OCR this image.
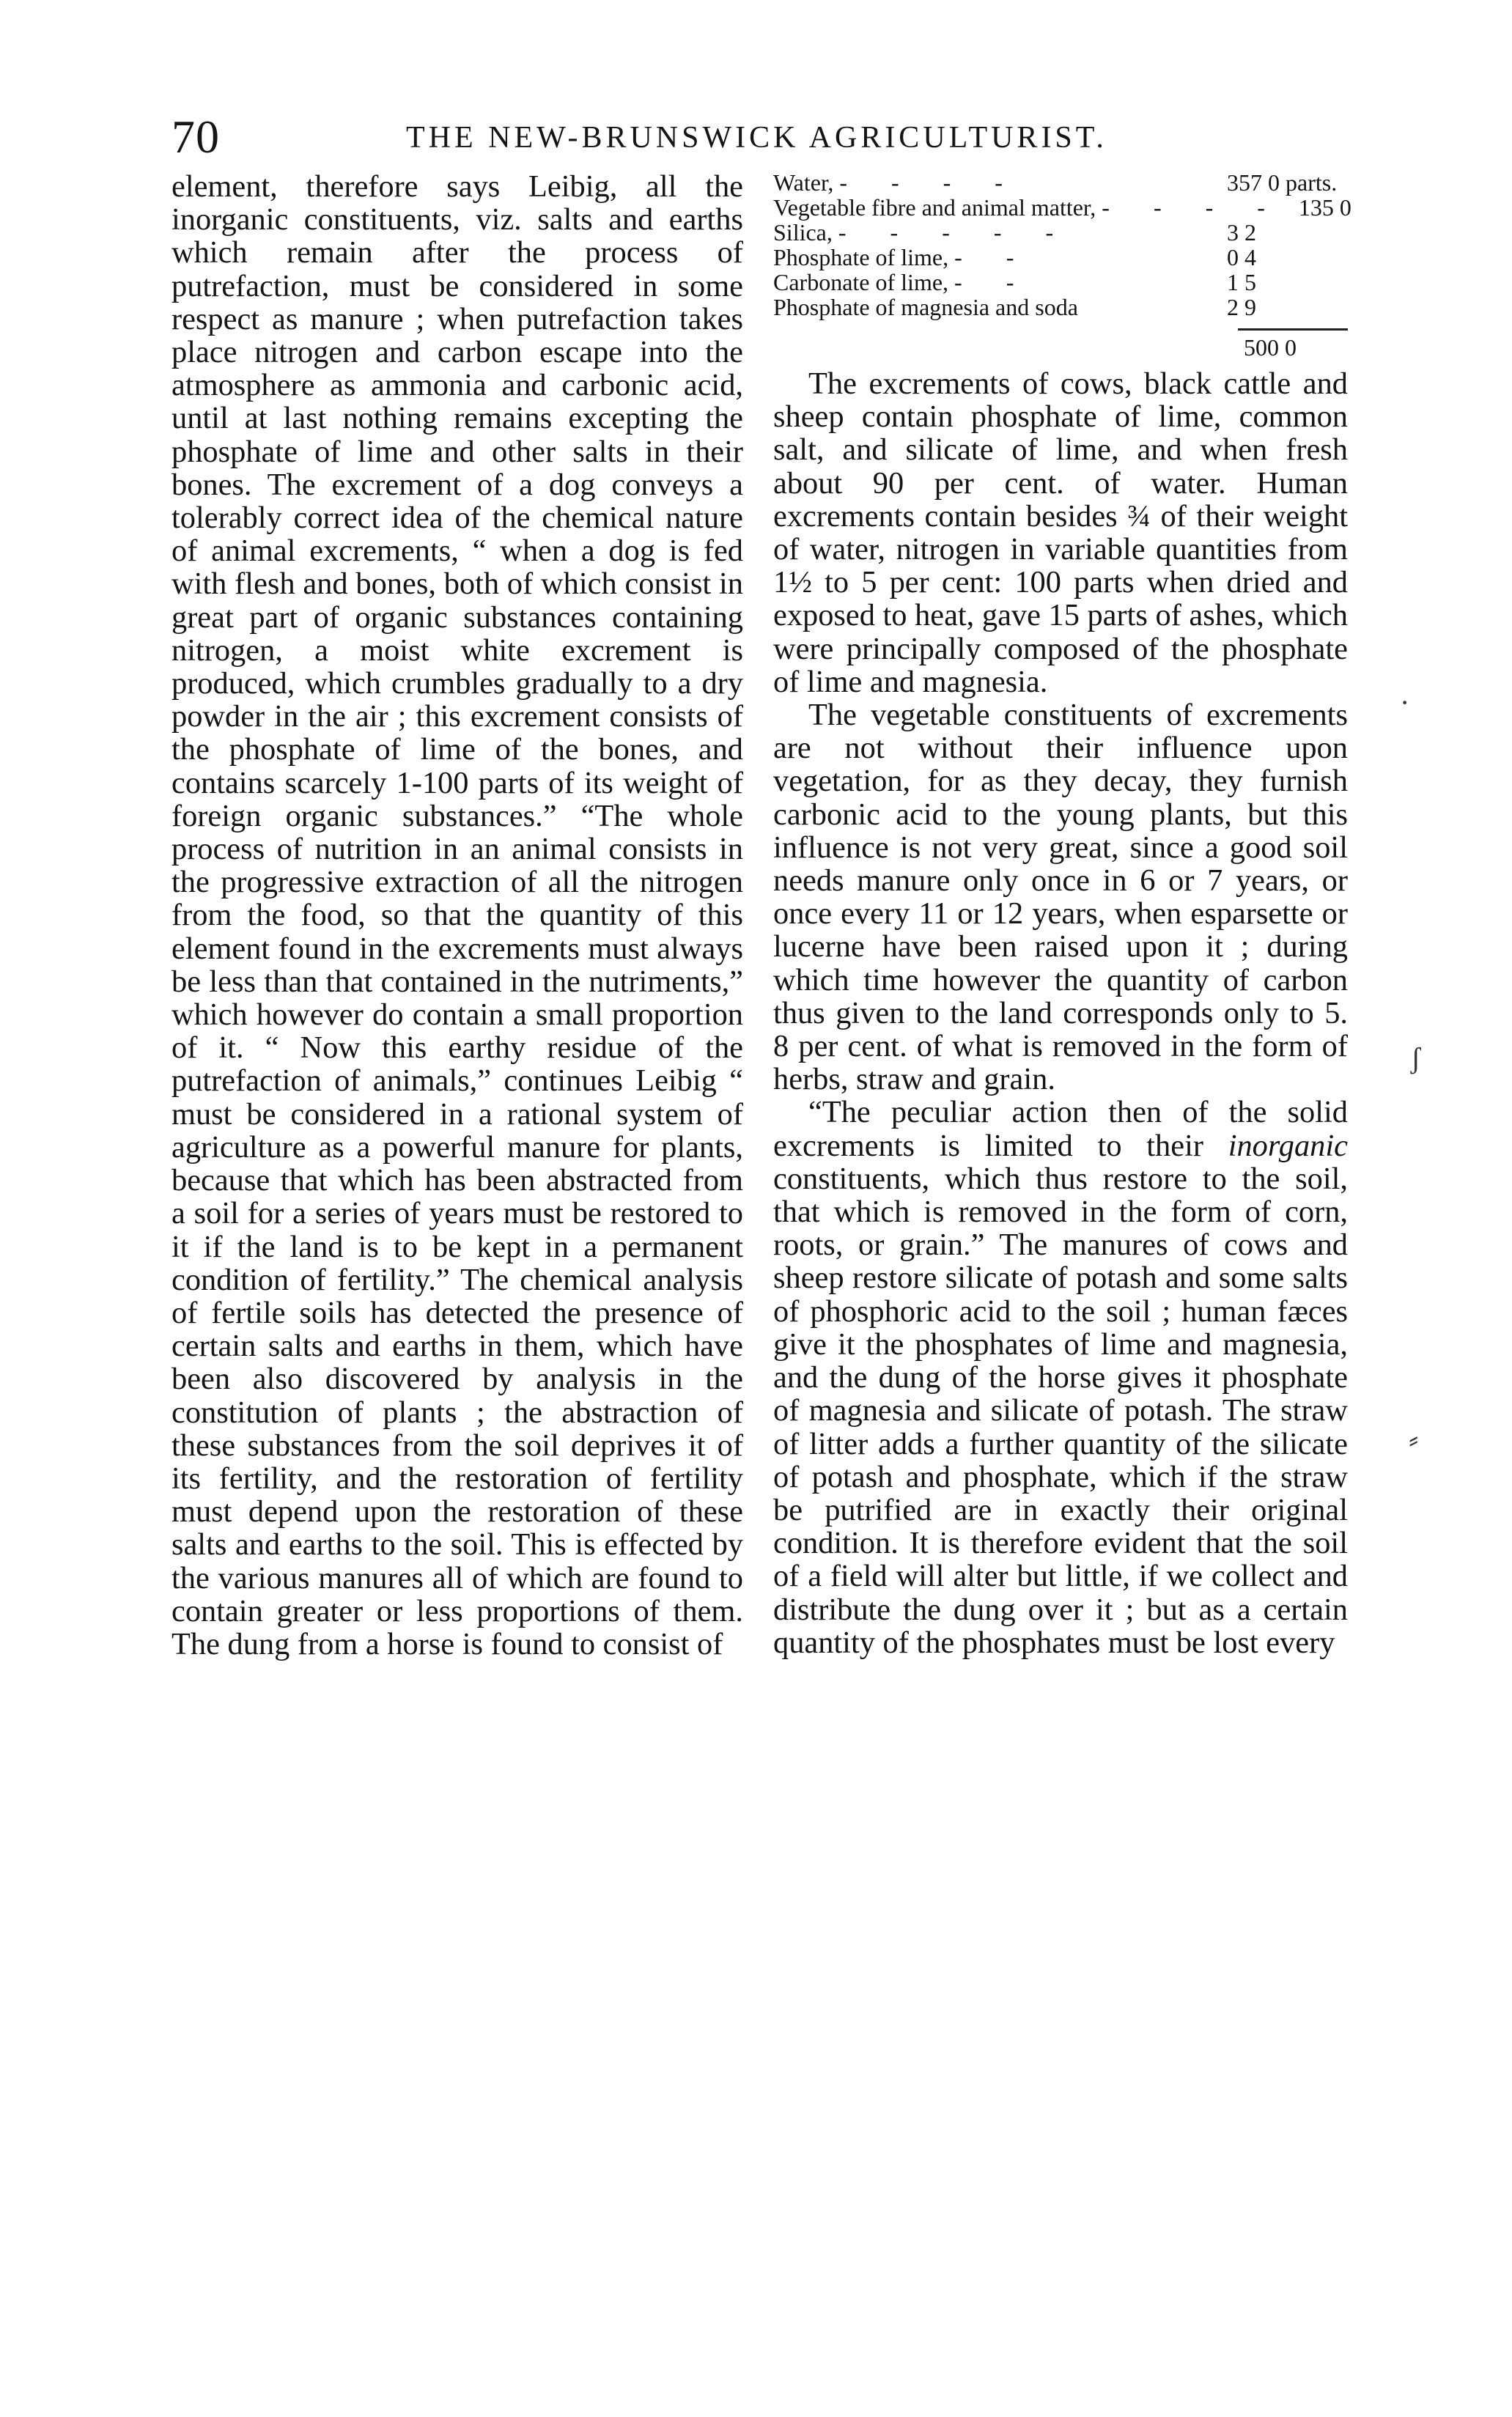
70	THE NEW-BRUNSWICK AGRICULTURIST.

element, therefore says Leibig, all the inorganic constituents, viz. salts and earths which remain after the process of putrefaction, must be considered in some respect as manure ; when putrefaction takes place nitrogen and carbon escape into the atmosphere as ammonia and carbonic acid, until at last nothing remains excepting the phosphate of lime and other salts in their bones. The excrement of a dog conveys a tolerably correct idea of the chemical nature of animal excrements, “ when a dog is fed with flesh and bones, both of which consist in great part of organic substances containing nitrogen, a moist white excrement is produced, which crumbles gradually to a dry powder in the air ; this excrement consists of the phosphate of lime of the bones, and contains scarcely 1-100 parts of its weight of foreign organic substances.” “The whole process of nutrition in an animal consists in the progressive extraction of all the nitrogen from the food, so that the quantity of this element found in the excrements must always be less than that contained in the nutriments,” which however do contain a small proportion of it. “ Now this earthy residue of the putrefaction of animals,” continues Leibig “ must be considered in a rational system of agriculture as a powerful manure for plants, because that which has been abstracted from a soil for a series of years must be restored to it if the land is to be kept in a permanent condition of fertility.” The chemical analysis of fertile soils has detected the presence of certain salts and earths in them, which have been also discovered by analysis in the constitution of plants ; the abstraction of these substances from the soil deprives it of its fertility, and the restoration of fertility must depend upon the restoration of these salts and earths to the soil. This is effected by the various manures all of which are found to contain greater or less proportions of them. The dung from a horse is found to consist of

Water, - - - -	357 0 parts.
Vegetable fibre and animal matter, - - - - 135 0
Silica, - - - - -	3 2
Phosphate of lime, - -	0 4
Carbonate of lime, - -	1 5
Phosphate of magnesia and soda	2 9
500 0

The excrements of cows, black cattle and sheep contain phosphate of lime, common salt, and silicate of lime, and when fresh about 90 per cent. of water. Human excrements contain besides ¾ of their weight of water, nitrogen in variable quantities from 1½ to 5 per cent: 100 parts when dried and exposed to heat, gave 15 parts of ashes, which were principally composed of the phosphate of lime and magnesia.

The vegetable constituents of excrements are not without their influence upon vegetation, for as they decay, they furnish carbonic acid to the young plants, but this influence is not very great, since a good soil needs manure only once in 6 or 7 years, or once every 11 or 12 years, when esparsette or lucerne have been raised upon it ; during which time however the quantity of carbon thus given to the land corresponds only to 5. 8 per cent. of what is removed in the form of herbs, straw and grain.

“The peculiar action then of the solid excrements is limited to their inorganic constituents, which thus restore to the soil, that which is removed in the form of corn, roots, or grain.” The manures of cows and sheep restore silicate of potash and some salts of phosphoric acid to the soil ; human fæces give it the phosphates of lime and magnesia, and the dung of the horse gives it phosphate of magnesia and silicate of potash. The straw of litter adds a further quantity of the silicate of potash and phosphate, which if the straw be putrified are in exactly their original condition. It is therefore evident that the soil of a field will alter but little, if we collect and distribute the dung over it ; but as a certain quantity of the phosphates must be lost every

·
ʃ
⸗
